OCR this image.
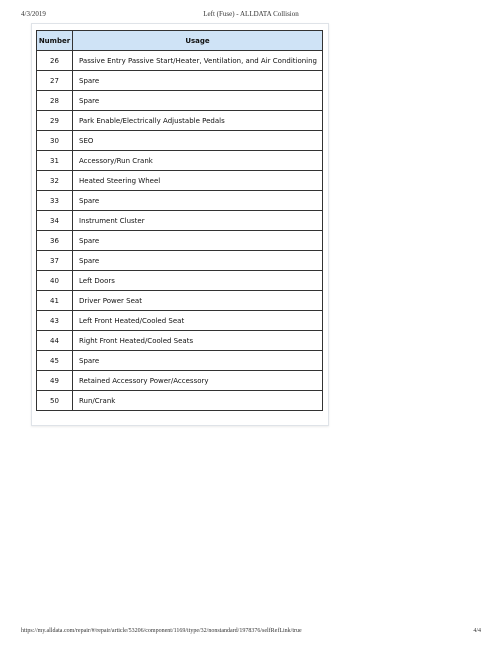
4/3/2019	Left (Fuse) - ALLDATA Collision
Number	Usage
26	Passive Entry Passive Start/Heater, Ventilation, and Air Conditioning
27	Spare
28	Spare
29	Park Enable/Electrically Adjustable Pedals
30	SEO
31	Accessory/Run Crank
32	Heated Steering Wheel
33	Spare
34	Instrument Cluster
36	Spare
37	Spare
40	Left Doors
41	Driver Power Seat
43	Left Front Heated/Cooled Seat
44	Right Front Heated/Cooled Seats
45	Spare
49	Retained Accessory Power/Accessory
50	Run/Crank
https://my.alldata.com/repair/#/repair/article/53206/component/1169/itype/32/nonstandard/1978376/selfRefLink/true	4/4
